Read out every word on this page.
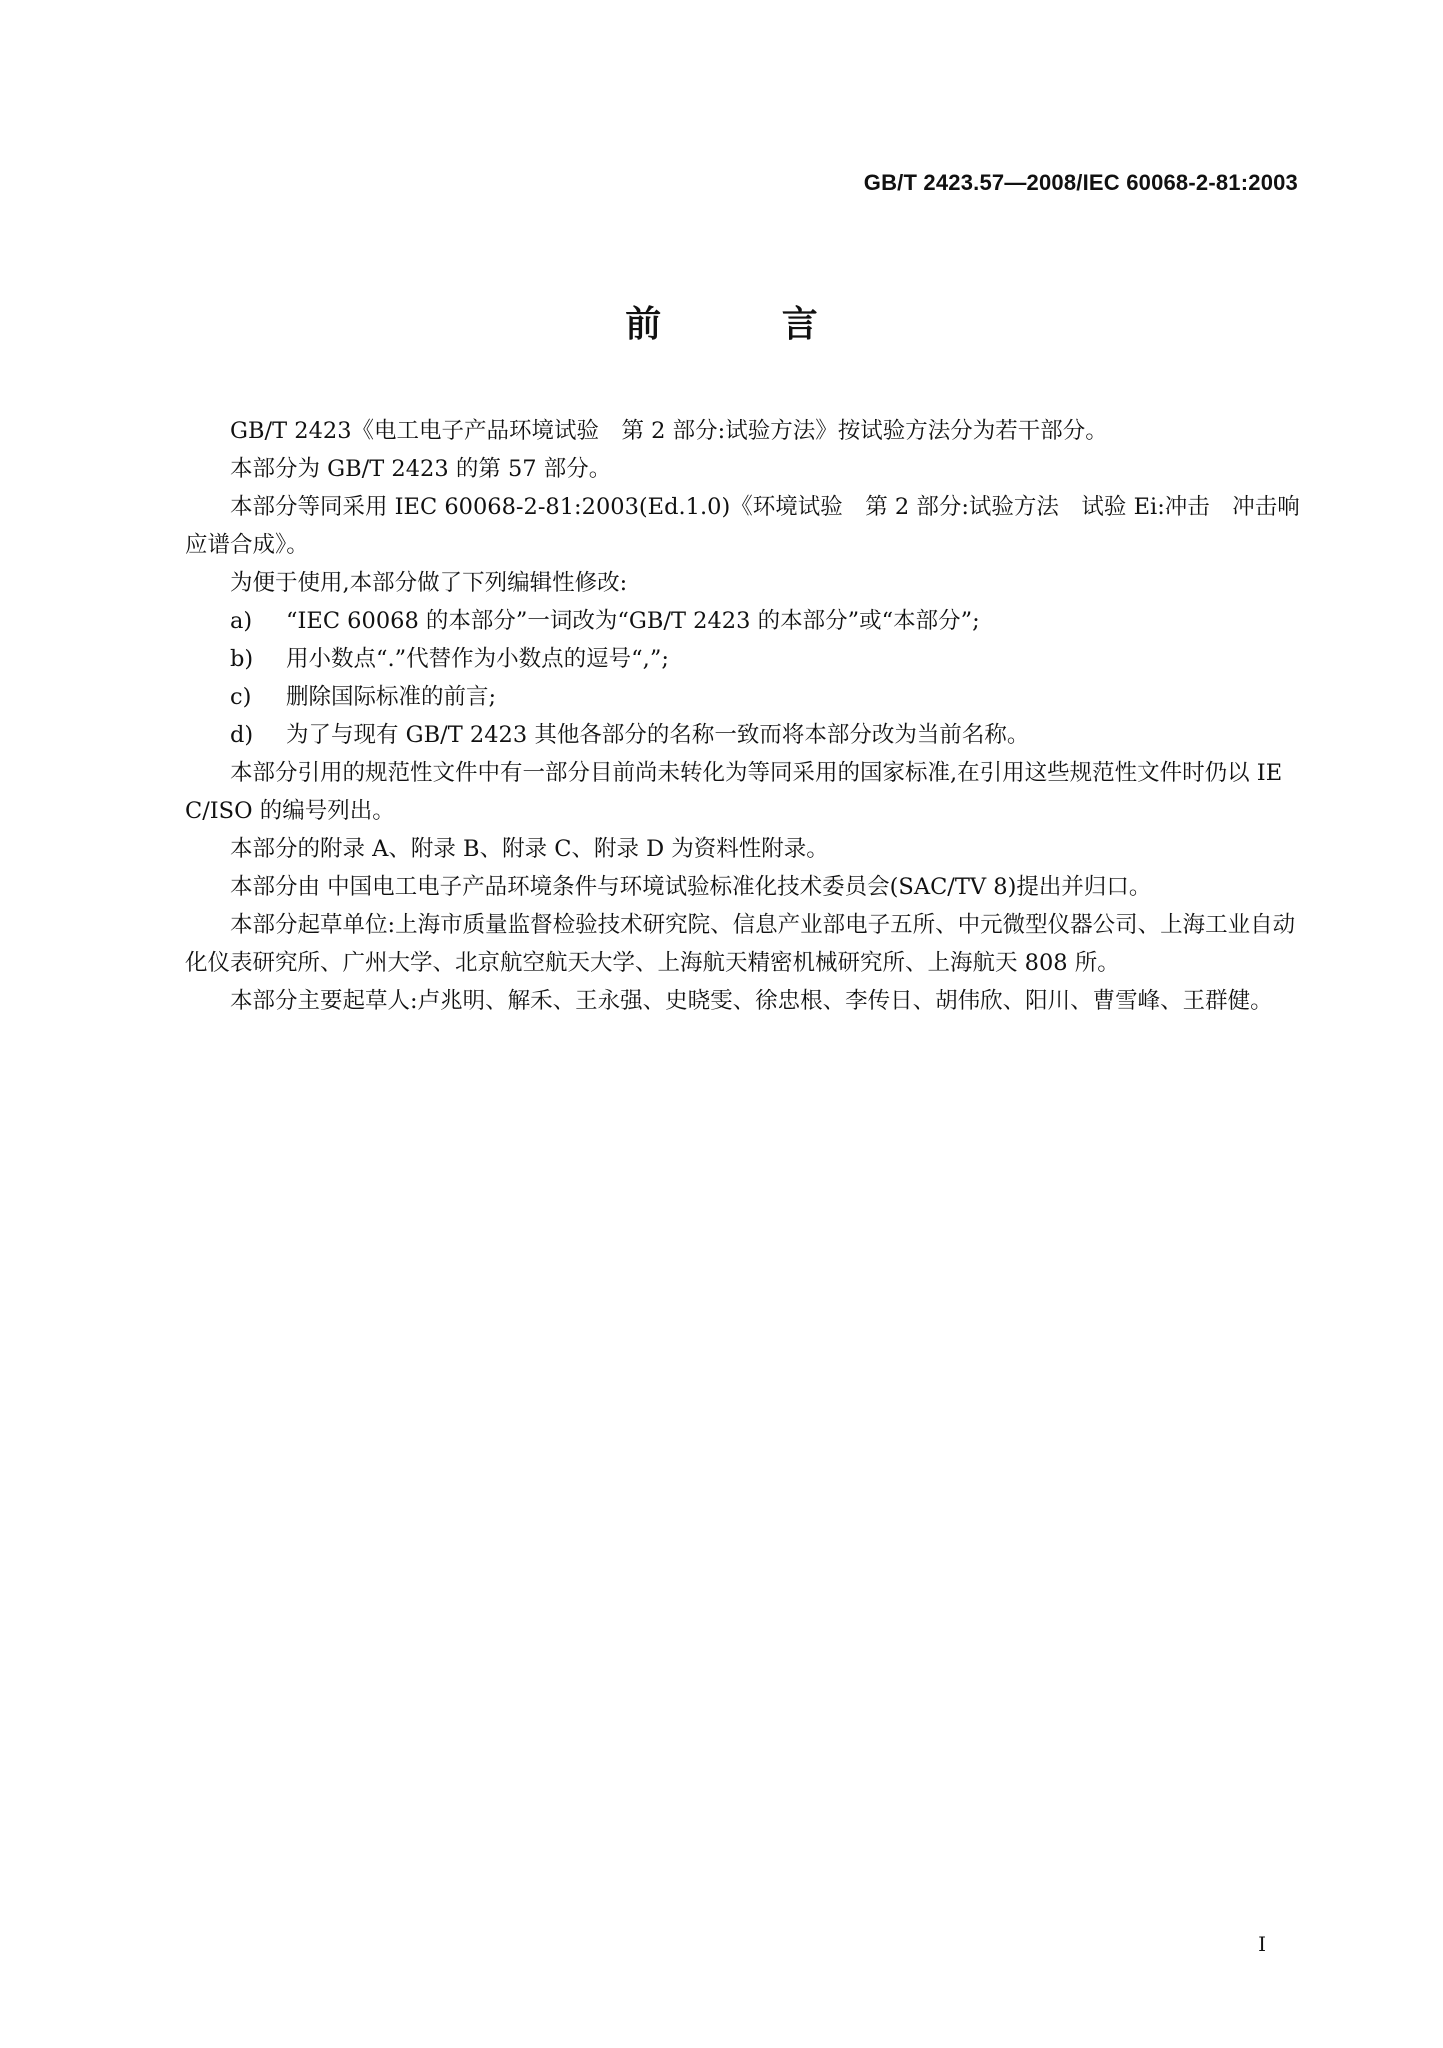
GB/T 2423.57—2008/IEC 60068-2-81:2003
前 言

GB/T 2423《电工电子产品环境试验　第 2 部分:试验方法》按试验方法分为若干部分。

本部分为 GB/T 2423 的第 57 部分。

本部分等同采用 IEC 60068-2-81:2003(Ed.1.0)《环境试验　第 2 部分:试验方法　试验 Ei:冲击　冲击响应谱合成》。

为便于使用,本部分做了下列编辑性修改:

a) “IEC 60068 的本部分”一词改为“GB/T 2423 的本部分”或“本部分”;

b) 用小数点“.”代替作为小数点的逗号“,”;

c) 删除国际标准的前言;

d) 为了与现有 GB/T 2423 其他各部分的名称一致而将本部分改为当前名称。

本部分引用的规范性文件中有一部分目前尚未转化为等同采用的国家标准,在引用这些规范性文件时仍以 IEC/ISO 的编号列出。

本部分的附录 A、附录 B、附录 C、附录 D 为资料性附录。

本部分由 中国电工电子产品环境条件与环境试验标准化技术委员会(SAC/TV 8)提出并归口。

本部分起草单位:上海市质量监督检验技术研究院、信息产业部电子五所、中元微型仪器公司、上海工业自动化仪表研究所、广州大学、北京航空航天大学、上海航天精密机械研究所、上海航天 808 所。

本部分主要起草人:卢兆明、解禾、王永强、史晓雯、徐忠根、李传日、胡伟欣、阳川、曹雪峰、王群健。

I
